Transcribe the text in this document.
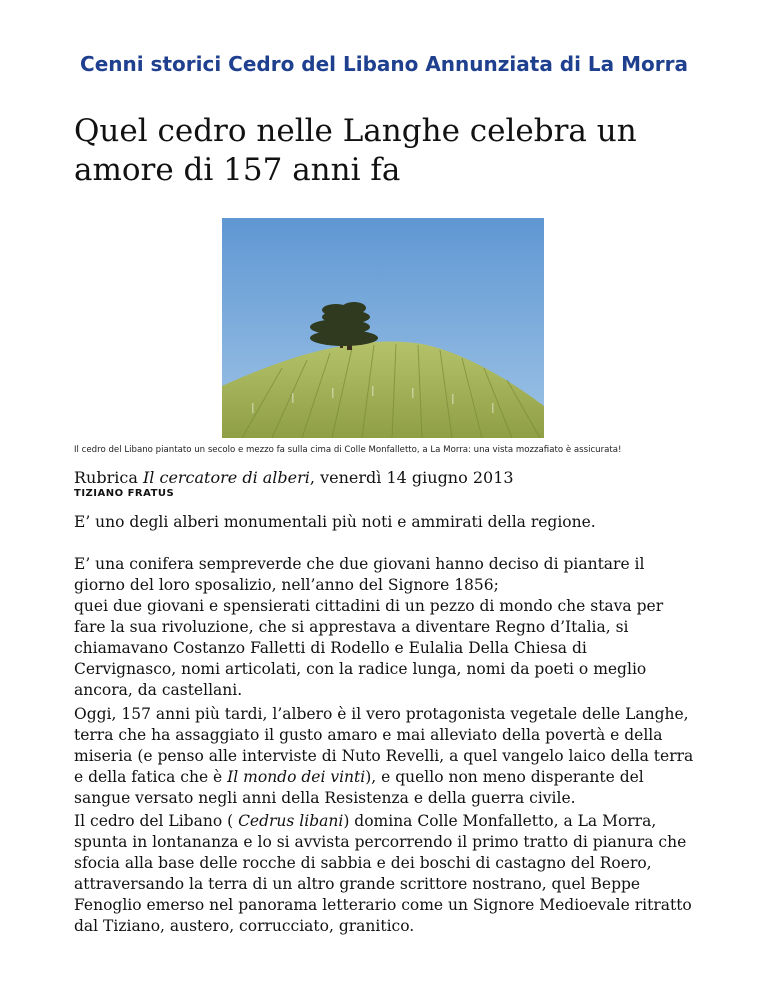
Cenni storici Cedro del Libano Annunziata di La Morra
Quel cedro nelle Langhe celebra un
amore di 157 anni fa
Il cedro del Libano piantato un secolo e mezzo fa sulla cima di Colle Monfalletto, a La Morra: una vista mozzafiato è assicurata!
Rubrica Il cercatore di alberi, venerdì 14 giugno 2013
TIZIANO FRATUS

E’ uno degli alberi monumentali più noti e ammirati della regione.

E’ una conifera sempreverde che due giovani hanno deciso di piantare il
giorno del loro sposalizio, nell’anno del Signore 1856;
quei due giovani e spensierati cittadini di un pezzo di mondo che stava per
fare la sua rivoluzione, che si apprestava a diventare Regno d’Italia, si
chiamavano Costanzo Falletti di Rodello e Eulalia Della Chiesa di
Cervignasco, nomi articolati, con la radice lunga, nomi da poeti o meglio
ancora, da castellani.

Oggi, 157 anni più tardi, l’albero è il vero protagonista vegetale delle Langhe,
terra che ha assaggiato il gusto amaro e mai alleviato della povertà e della
miseria (e penso alle interviste di Nuto Revelli, a quel vangelo laico della terra
e della fatica che è Il mondo dei vinti), e quello non meno disperante del
sangue versato negli anni della Resistenza e della guerra civile.

Il cedro del Libano ( Cedrus libani) domina Colle Monfalletto, a La Morra,
spunta in lontananza e lo si avvista percorrendo il primo tratto di pianura che
sfocia alla base delle rocche di sabbia e dei boschi di castagno del Roero,
attraversando la terra di un altro grande scrittore nostrano, quel Beppe
Fenoglio emerso nel panorama letterario come un Signore Medioevale ritratto
dal Tiziano, austero, corrucciato, granitico.
